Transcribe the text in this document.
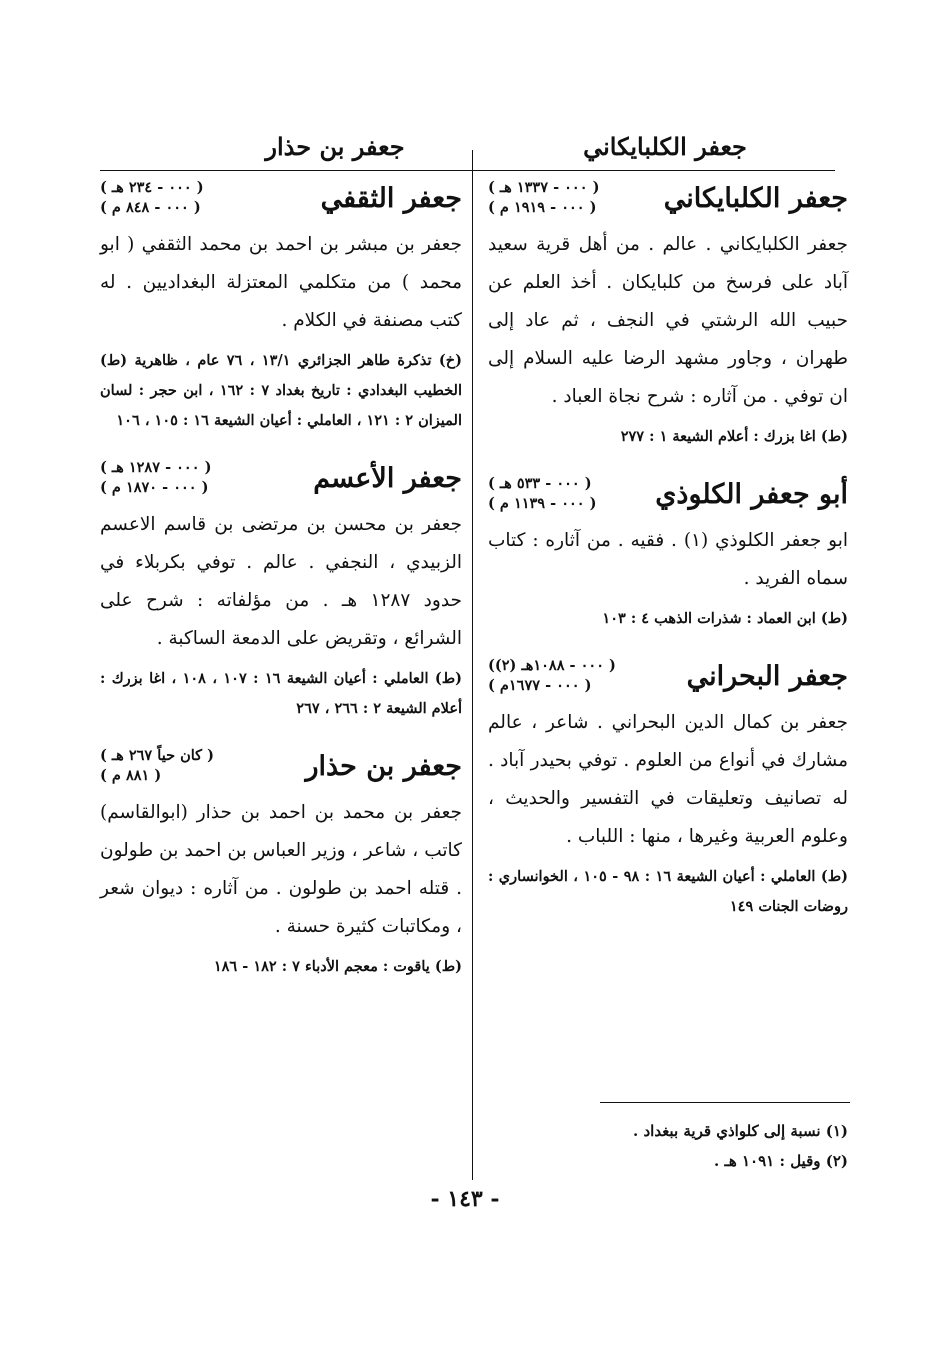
جعفر بن حذار	جعفر الكلبايكاني
جعفر الكلبايكاني
( ٠٠٠ - ١٣٣٧ هـ )
( ٠٠٠ - ١٩١٩ م )
جعفر الكلبايكاني . عالم . من أهل قرية سعيد آباد على فرسخ من كلبايكان . أخذ العلم عن حبيب الله الرشتي في النجف ، ثم عاد إلى طهران ، وجاور مشهد الرضا عليه السلام إلى ان توفي . من آثاره : شرح نجاة العباد .
(ط) اغا بزرك : أعلام الشيعة ١ : ٢٧٧
أبو جعفر الكلوذي
( ٠٠٠ - ٥٣٣ هـ )
( ٠٠٠ - ١١٣٩ م )
ابو جعفر الكلوذي (١) . فقيه . من آثاره : كتاب سماه الفريد .
(ط) ابن العماد : شذرات الذهب ٤ : ١٠٣
جعفر البحراني
( ٠٠٠ - ١٠٨٨هـ (٢))
( ٠٠٠ - ١٦٧٧م )
جعفر بن كمال الدين البحراني . شاعر ، عالم مشارك في أنواع من العلوم . توفي بحيدر آباد . له تصانيف وتعليقات في التفسير والحديث ، وعلوم العربية وغيرها ، منها : اللباب .
(ط) العاملي : أعيان الشيعة ١٦ : ٩٨ - ١٠٥ ، الخوانساري : روضات الجنات ١٤٩
جعفر الثقفي
( ٠٠٠ - ٢٣٤ هـ )
( ٠٠٠ - ٨٤٨ م )
جعفر بن مبشر بن احمد بن محمد الثقفي ( ابو محمد ) من متكلمي المعتزلة البغداديين . له كتب مصنفة في الكلام .
(خ) تذكرة طاهر الجزائري ١٣/١ ، ٧٦ عام ، ظاهرية (ط) الخطيب البغدادي : تاريخ بغداد ٧ : ١٦٢ ، ابن حجر : لسان الميزان ٢ : ١٢١ ، العاملي : أعيان الشيعة ١٦ : ١٠٥ ، ١٠٦
جعفر الأعسم
( ٠٠٠ - ١٢٨٧ هـ )
( ٠٠٠ - ١٨٧٠ م )
جعفر بن محسن بن مرتضى بن قاسم الاعسم الزبيدي ، النجفي . عالم . توفي بكربلاء في حدود ١٢٨٧ هـ . من مؤلفاته : شرح على الشرائع ، وتقريض على الدمعة الساكبة .
(ط) العاملي : أعيان الشيعة ١٦ : ١٠٧ ، ١٠٨ ، اغا بزرك : أعلام الشيعة ٢ : ٢٦٦ ، ٢٦٧
جعفر بن حذار
( كان حياً ٢٦٧ هـ )
( ٨٨١ م )
جعفر بن محمد بن احمد بن حذار (ابوالقاسم) كاتب ، شاعر ، وزير العباس بن احمد بن طولون . قتله احمد بن طولون . من آثاره : ديوان شعر ، ومكاتبات كثيرة حسنة .
(ط) ياقوت : معجم الأدباء ٧ : ١٨٢ - ١٨٦
(١) نسبة إلى كلواذي قرية ببغداد .
(٢) وقيل : ١٠٩١ هـ .
- ١٤٣ -
